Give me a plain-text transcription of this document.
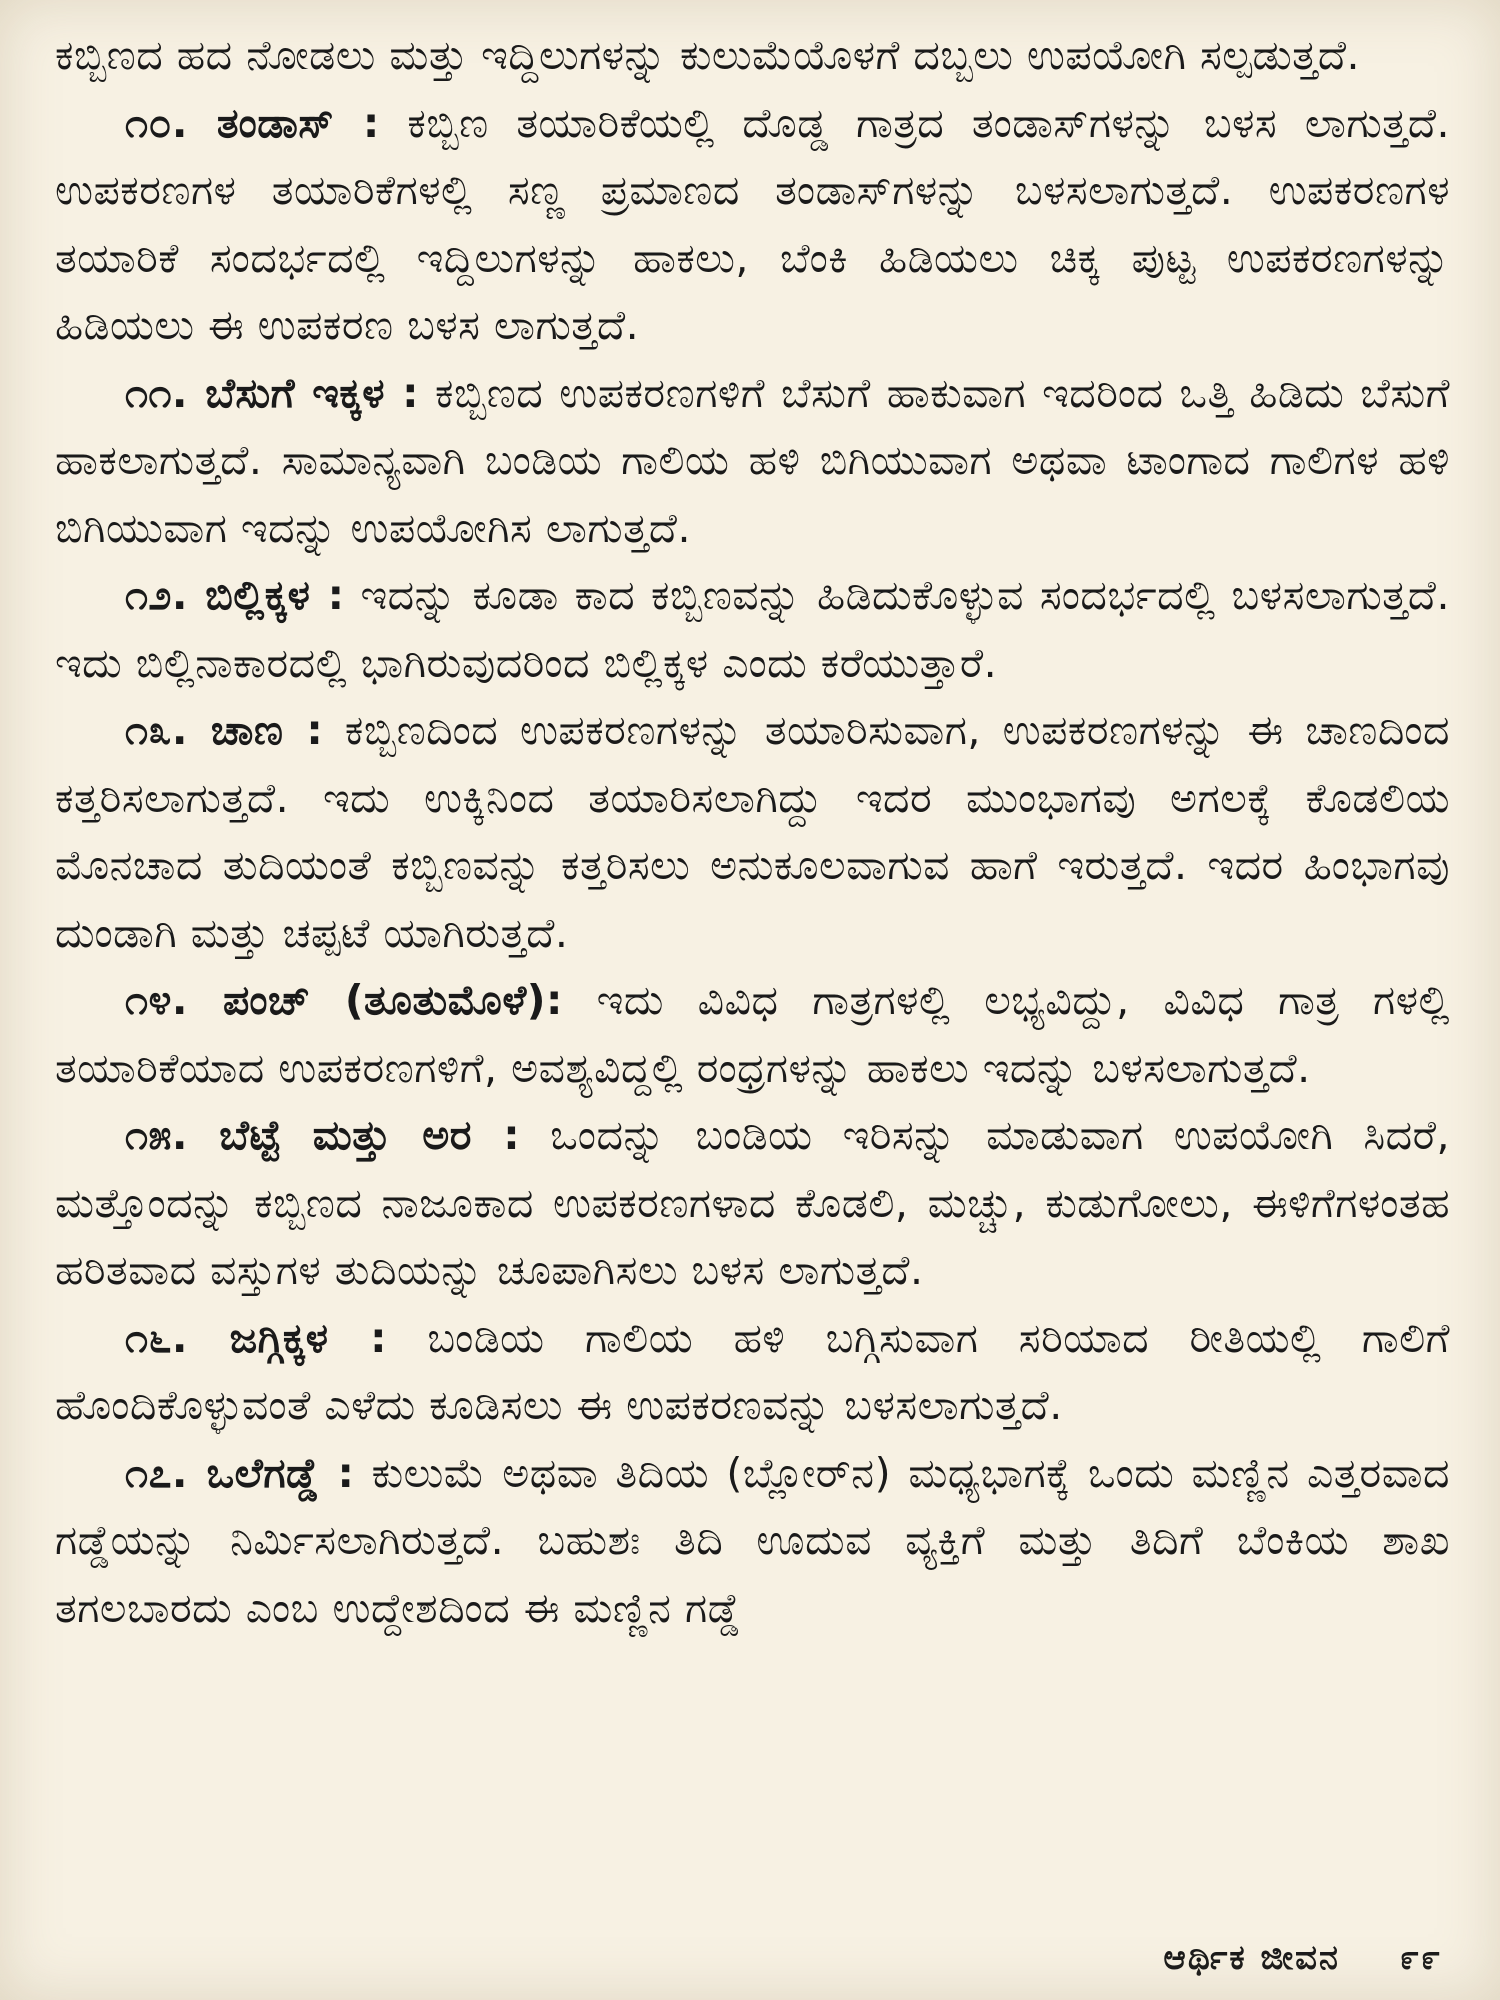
ಕಬ್ಬಿಣದ ಹದ ನೋಡಲು ಮತ್ತು ಇದ್ದಿಲುಗಳನ್ನು ಕುಲುಮೆಯೊಳಗೆ ದಬ್ಬಲು ಉಪಯೋಗಿ ಸಲ್ಪಡುತ್ತದೆ.

೧೦. ತಂಡಾಸ್ : ಕಬ್ಬಿಣ ತಯಾರಿಕೆಯಲ್ಲಿ ದೊಡ್ಡ ಗಾತ್ರದ ತಂಡಾಸ್‌ಗಳನ್ನು ಬಳಸ ಲಾಗುತ್ತದೆ. ಉಪಕರಣಗಳ ತಯಾರಿಕೆಗಳಲ್ಲಿ ಸಣ್ಣ ಪ್ರಮಾಣದ ತಂಡಾಸ್‌ಗಳನ್ನು ಬಳಸಲಾಗುತ್ತದೆ. ಉಪಕರಣಗಳ ತಯಾರಿಕೆ ಸಂದರ್ಭದಲ್ಲಿ ಇದ್ದಿಲುಗಳನ್ನು ಹಾಕಲು, ಬೆಂಕಿ ಹಿಡಿಯಲು ಚಿಕ್ಕ ಪುಟ್ಟ ಉಪಕರಣಗಳನ್ನು ಹಿಡಿಯಲು ಈ ಉಪಕರಣ ಬಳಸ ಲಾಗುತ್ತದೆ.

೧೧. ಬೆಸುಗೆ ಇಕ್ಕಳ : ಕಬ್ಬಿಣದ ಉಪಕರಣಗಳಿಗೆ ಬೆಸುಗೆ ಹಾಕುವಾಗ ಇದರಿಂದ ಒತ್ತಿ ಹಿಡಿದು ಬೆಸುಗೆ ಹಾಕಲಾಗುತ್ತದೆ. ಸಾಮಾನ್ಯವಾಗಿ ಬಂಡಿಯ ಗಾಲಿಯ ಹಳಿ ಬಿಗಿಯುವಾಗ ಅಥವಾ ಟಾಂಗಾದ ಗಾಲಿಗಳ ಹಳಿ ಬಿಗಿಯುವಾಗ ಇದನ್ನು ಉಪಯೋಗಿಸ ಲಾಗುತ್ತದೆ.

೧೨. ಬಿಲ್ಲಿಕ್ಕಳ : ಇದನ್ನು ಕೂಡಾ ಕಾದ ಕಬ್ಬಿಣವನ್ನು ಹಿಡಿದುಕೊಳ್ಳುವ ಸಂದರ್ಭದಲ್ಲಿ ಬಳಸಲಾಗುತ್ತದೆ. ಇದು ಬಿಲ್ಲಿನಾಕಾರದಲ್ಲಿ ಭಾಗಿರುವುದರಿಂದ ಬಿಲ್ಲಿಕ್ಕಳ ಎಂದು ಕರೆಯುತ್ತಾರೆ.

೧೩. ಚಾಣ : ಕಬ್ಬಿಣದಿಂದ ಉಪಕರಣಗಳನ್ನು ತಯಾರಿಸುವಾಗ, ಉಪಕರಣಗಳನ್ನು ಈ ಚಾಣದಿಂದ ಕತ್ತರಿಸಲಾಗುತ್ತದೆ. ಇದು ಉಕ್ಕಿನಿಂದ ತಯಾರಿಸಲಾಗಿದ್ದು ಇದರ ಮುಂಭಾಗವು ಅಗಲಕ್ಕೆ ಕೊಡಲಿಯ ಮೊನಚಾದ ತುದಿಯಂತೆ ಕಬ್ಬಿಣವನ್ನು ಕತ್ತರಿಸಲು ಅನುಕೂಲವಾಗುವ ಹಾಗೆ ಇರುತ್ತದೆ. ಇದರ ಹಿಂಭಾಗವು ದುಂಡಾಗಿ ಮತ್ತು ಚಪ್ಪಟೆ ಯಾಗಿರುತ್ತದೆ.

೧೪. ಪಂಚ್ (ತೂತುಮೊಳೆ): ಇದು ವಿವಿಧ ಗಾತ್ರಗಳಲ್ಲಿ ಲಭ್ಯವಿದ್ದು, ವಿವಿಧ ಗಾತ್ರ ಗಳಲ್ಲಿ ತಯಾರಿಕೆಯಾದ ಉಪಕರಣಗಳಿಗೆ, ಅವಶ್ಯವಿದ್ದಲ್ಲಿ ರಂಧ್ರಗಳನ್ನು ಹಾಕಲು ಇದನ್ನು ಬಳಸಲಾಗುತ್ತದೆ.

೧೫. ಬೆಟ್ಟೆ ಮತ್ತು ಅರ : ಒಂದನ್ನು ಬಂಡಿಯ ಇರಿಸನ್ನು ಮಾಡುವಾಗ ಉಪಯೋಗಿ ಸಿದರೆ, ಮತ್ತೊಂದನ್ನು ಕಬ್ಬಿಣದ ನಾಜೂಕಾದ ಉಪಕರಣಗಳಾದ ಕೊಡಲಿ, ಮಚ್ಚು, ಕುಡುಗೋಲು, ಈಳಿಗೆಗಳಂತಹ ಹರಿತವಾದ ವಸ್ತುಗಳ ತುದಿಯನ್ನು ಚೂಪಾಗಿಸಲು ಬಳಸ ಲಾಗುತ್ತದೆ.

೧೬. ಜಗ್ಗಿಕ್ಕಳ : ಬಂಡಿಯ ಗಾಲಿಯ ಹಳಿ ಬಗ್ಗಿಸುವಾಗ ಸರಿಯಾದ ರೀತಿಯಲ್ಲಿ ಗಾಲಿಗೆ ಹೊಂದಿಕೊಳ್ಳುವಂತೆ ಎಳೆದು ಕೂಡಿಸಲು ಈ ಉಪಕರಣವನ್ನು ಬಳಸಲಾಗುತ್ತದೆ.

೧೭. ಒಲೆಗಡ್ಡೆ : ಕುಲುಮೆ ಅಥವಾ ತಿದಿಯ (ಬ್ಲೋರ್‌ನ) ಮಧ್ಯಭಾಗಕ್ಕೆ ಒಂದು ಮಣ್ಣಿನ ಎತ್ತರವಾದ ಗಡ್ಡೆಯನ್ನು ನಿರ್ಮಿಸಲಾಗಿರುತ್ತದೆ. ಬಹುಶಃ ತಿದಿ ಊದುವ ವ್ಯಕ್ತಿಗೆ ಮತ್ತು ತಿದಿಗೆ ಬೆಂಕಿಯ ಶಾಖ ತಗಲಬಾರದು ಎಂಬ ಉದ್ದೇಶದಿಂದ ಈ ಮಣ್ಣಿನ ಗಡ್ಡೆ

ಆರ್ಥಿಕ ಜೀವನ ೯೯
